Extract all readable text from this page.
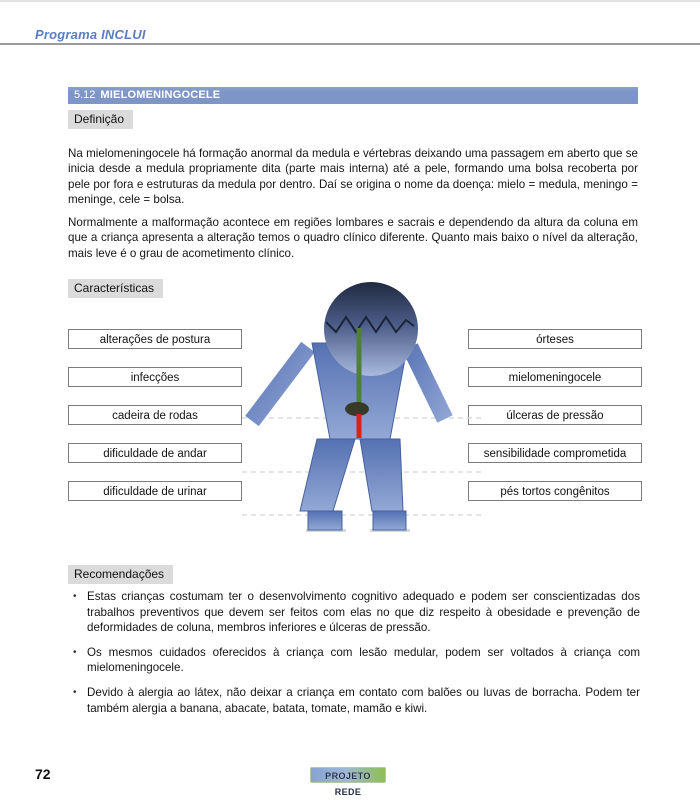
Programa INCLUI
5.12 MIELOMENINGOCELE
Definição

Na mielomeningocele há formação anormal da medula e vértebras deixando uma passagem em aberto que se inicia desde a medula propriamente dita (parte mais interna) até a pele, formando uma bolsa recoberta por pele por fora e estruturas da medula por dentro. Daí se origina o nome da doença: mielo = medula, meningo = meninge, cele = bolsa.

Normalmente a malformação acontece em regiões lombares e sacrais e dependendo da altura da coluna em que a criança apresenta a alteração temos o quadro clínico diferente. Quanto mais baixo o nível da alteração, mais leve é o grau de acometimento clínico.

Características
alterações de postura
infecções
cadeira de rodas
dificuldade de andar
dificuldade de urinar
órteses
mielomeningocele
úlceras de pressão
sensibilidade comprometida
pés tortos congênitos
Recomendações
• Estas crianças costumam ter o desenvolvimento cognitivo adequado e podem ser conscientizadas dos trabalhos preventivos que devem ser feitos com elas no que diz respeito à obesidade e prevenção de deformidades de coluna, membros inferiores e úlceras de pressão.
• Os mesmos cuidados oferecidos à criança com lesão medular, podem ser voltados à criança com mielomeningocele.
• Devido à alergia ao látex, não deixar a criança em contato com balões ou luvas de borracha. Podem ter também alergia a banana, abacate, batata, tomate, mamão e kiwi.
72	PROJETO REDE
